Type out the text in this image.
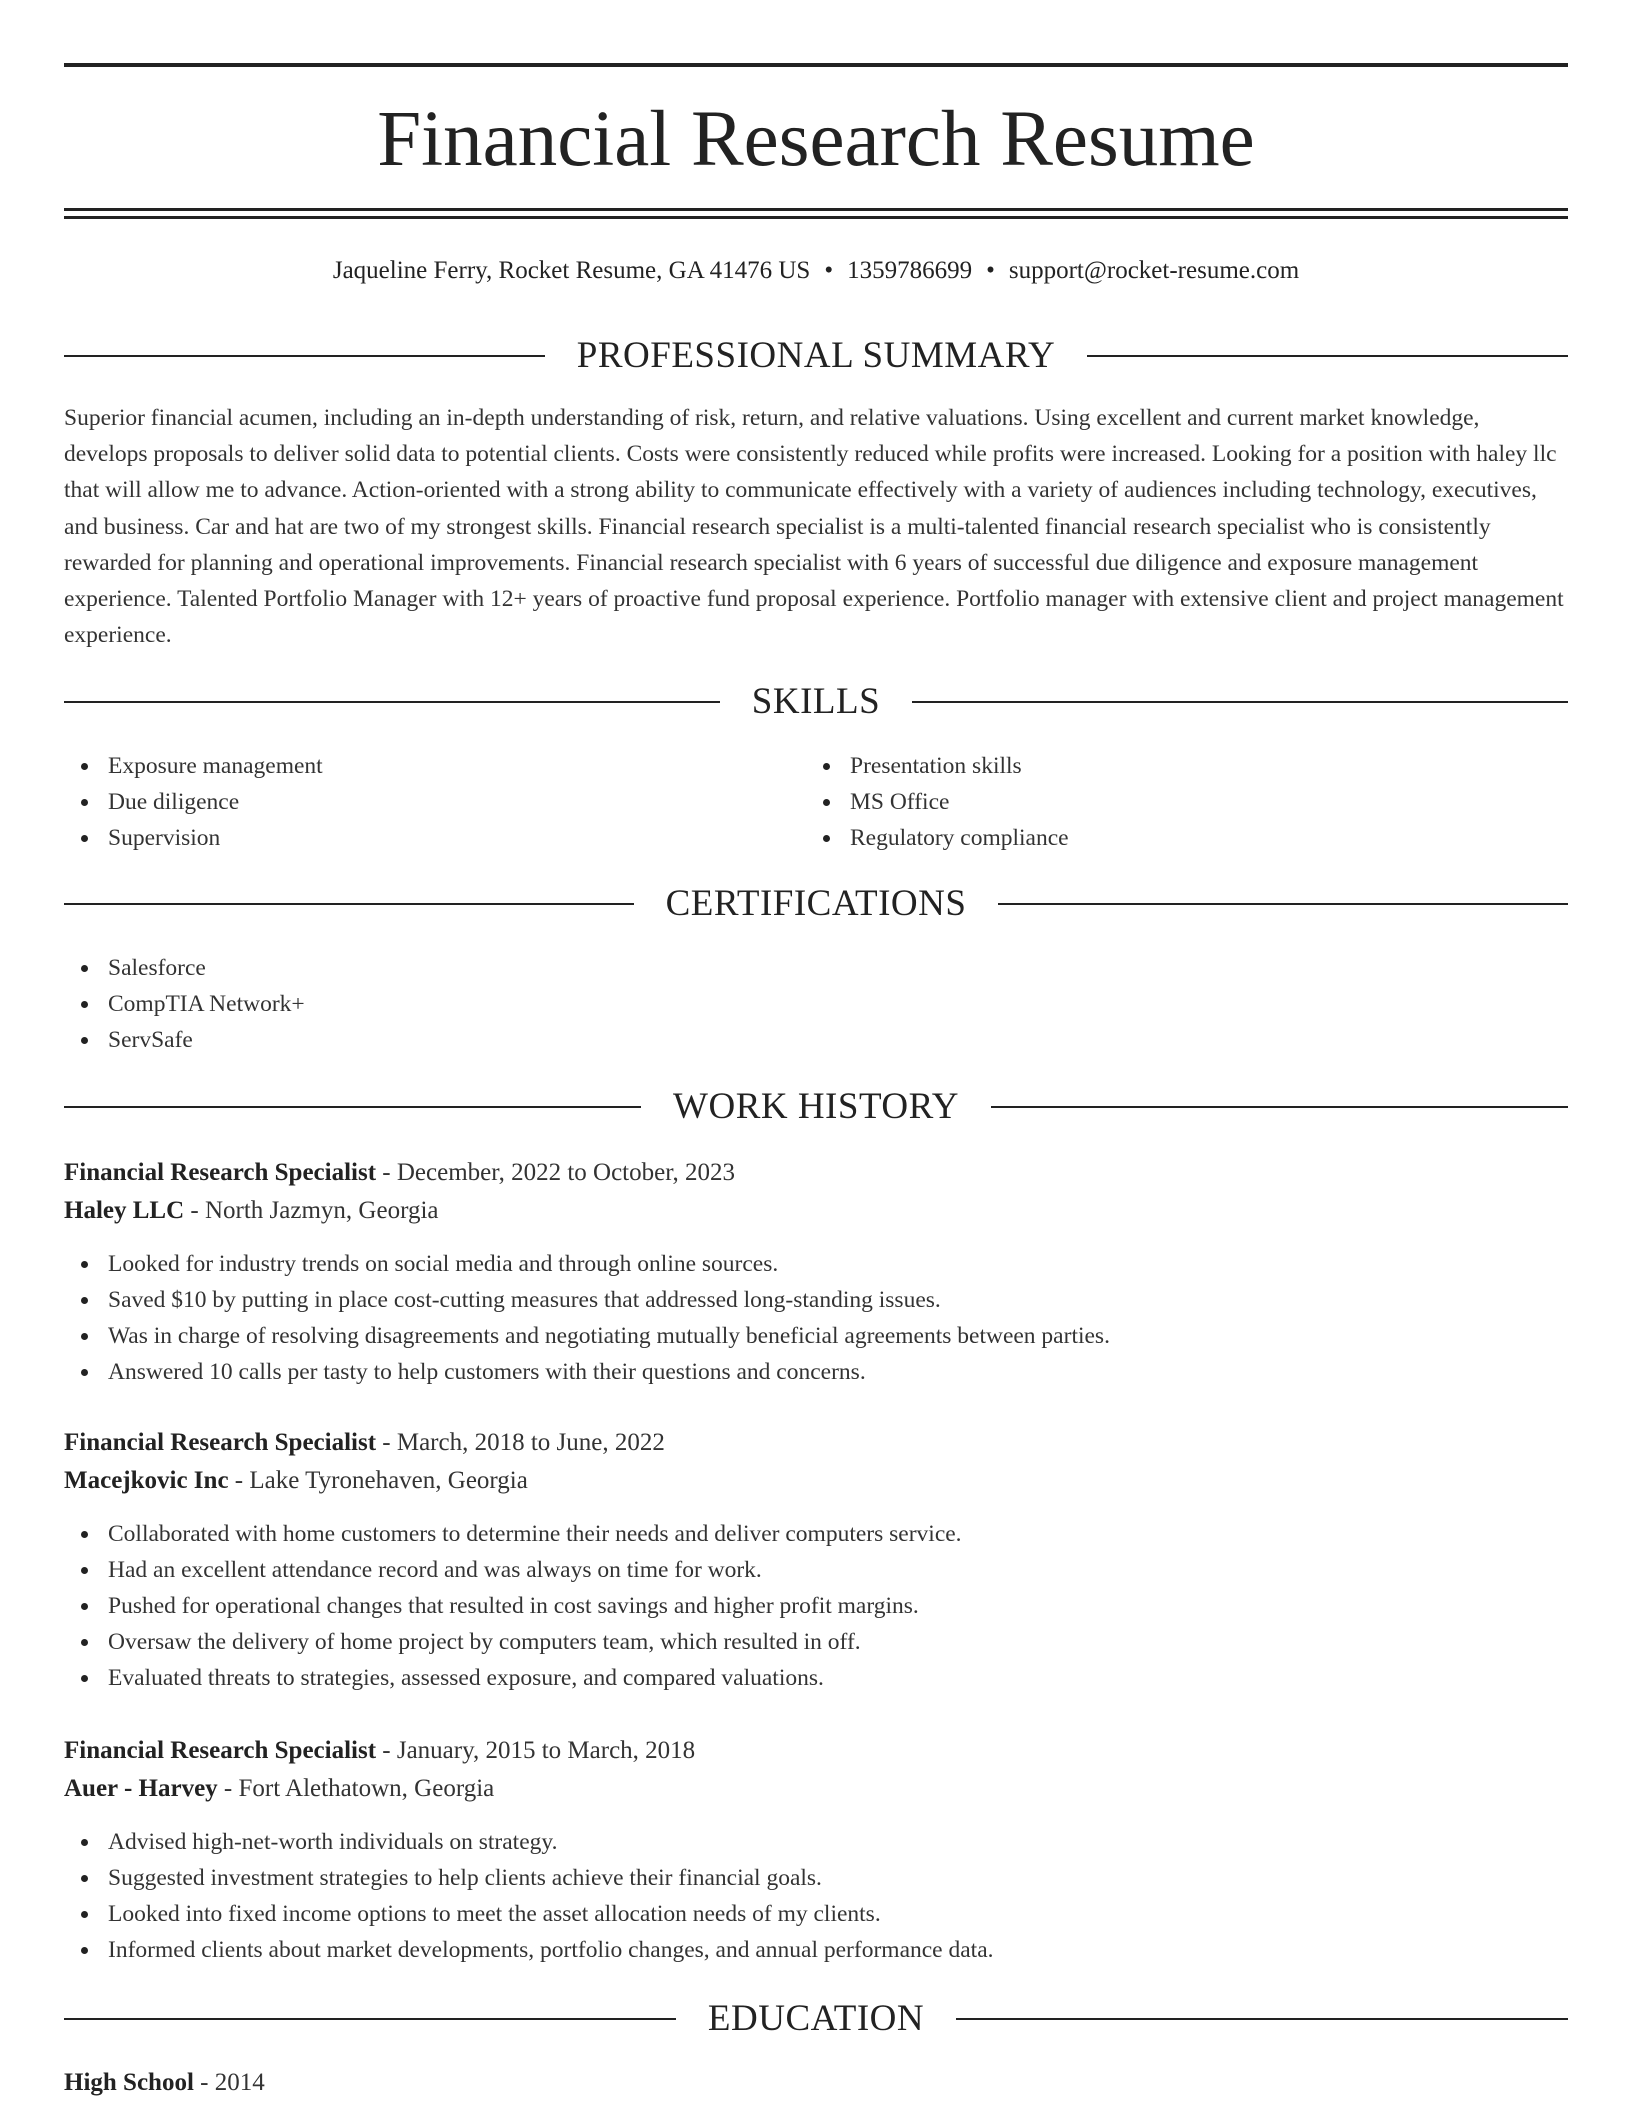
Financial Research Resume
Jaqueline Ferry, Rocket Resume, GA 41476 US • 1359786699 • support@rocket-resume.com
PROFESSIONAL SUMMARY

Superior financial acumen, including an in-depth understanding of risk, return, and relative valuations. Using excellent and current market knowledge, develops proposals to deliver solid data to potential clients. Costs were consistently reduced while profits were increased. Looking for a position with haley llc that will allow me to advance. Action-oriented with a strong ability to communicate effectively with a variety of audiences including technology, executives, and business. Car and hat are two of my strongest skills. Financial research specialist is a multi-talented financial research specialist who is consistently rewarded for planning and operational improvements. Financial research specialist with 6 years of successful due diligence and exposure management experience. Talented Portfolio Manager with 12+ years of proactive fund proposal experience. Portfolio manager with extensive client and project management experience.

SKILLS
Exposure management
Due diligence
Supervision
Presentation skills
MS Office
Regulatory compliance
CERTIFICATIONS
Salesforce
CompTIA Network+
ServSafe
WORK HISTORY
Financial Research Specialist - December, 2022 to October, 2023
Haley LLC - North Jazmyn, Georgia
Looked for industry trends on social media and through online sources.
Saved $10 by putting in place cost-cutting measures that addressed long-standing issues.
Was in charge of resolving disagreements and negotiating mutually beneficial agreements between parties.
Answered 10 calls per tasty to help customers with their questions and concerns.
Financial Research Specialist - March, 2018 to June, 2022
Macejkovic Inc - Lake Tyronehaven, Georgia
Collaborated with home customers to determine their needs and deliver computers service.
Had an excellent attendance record and was always on time for work.
Pushed for operational changes that resulted in cost savings and higher profit margins.
Oversaw the delivery of home project by computers team, which resulted in off.
Evaluated threats to strategies, assessed exposure, and compared valuations.
Financial Research Specialist - January, 2015 to March, 2018
Auer - Harvey - Fort Alethatown, Georgia
Advised high-net-worth individuals on strategy.
Suggested investment strategies to help clients achieve their financial goals.
Looked into fixed income options to meet the asset allocation needs of my clients.
Informed clients about market developments, portfolio changes, and annual performance data.
EDUCATION
High School - 2014
